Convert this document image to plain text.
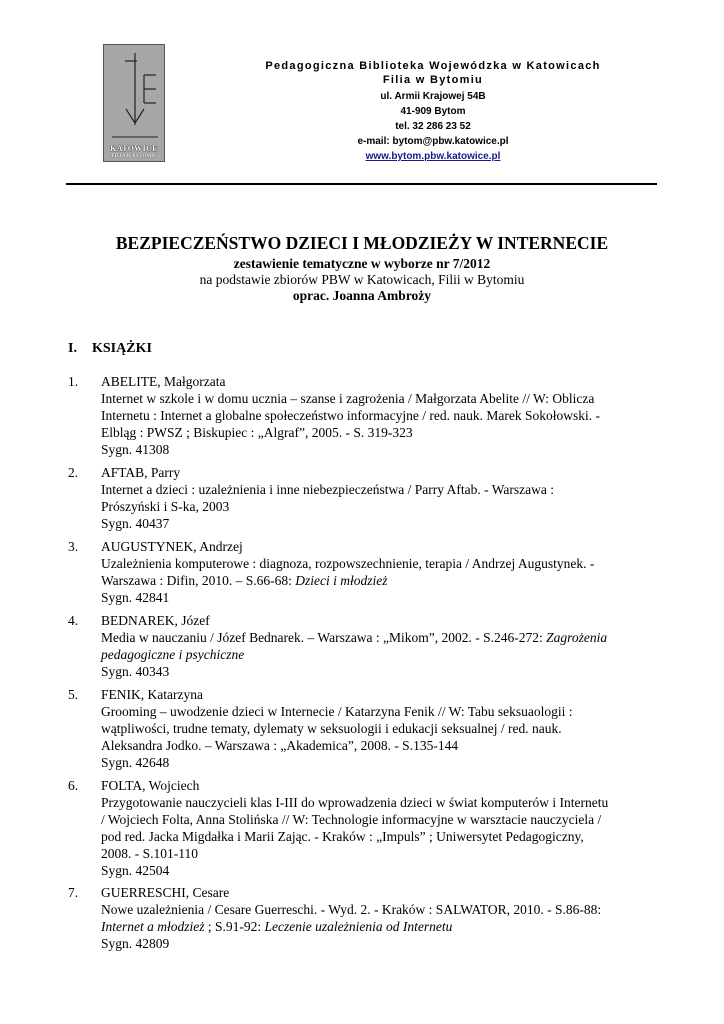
KATOWICE
FILIA W BYTOMIU
Pedagogiczna Biblioteka Wojewódzka w Katowicach
Filia w Bytomiu
ul. Armii Krajowej 54B
41-909 Bytom
tel. 32 286 23 52
e-mail: bytom@pbw.katowice.pl
www.bytom.pbw.katowice.pl
BEZPIECZEŃSTWO DZIECI I MŁODZIEŻY W INTERNECIE
zestawienie tematyczne w wyborze nr 7/2012
na podstawie zbiorów PBW w Katowicach, Filii w Bytomiu
oprac. Joanna Ambroży
I. KSIĄŻKI
1. ABELITE, Małgorzata
Internet w szkole i w domu ucznia – szanse i zagrożenia / Małgorzata Abelite // W: Oblicza
Internetu : Internet a globalne społeczeństwo informacyjne / red. nauk. Marek Sokołowski. -
Elbląg : PWSZ ; Biskupiec : „Algraf”, 2005. - S. 319-323
Sygn. 41308
2. AFTAB, Parry
Internet a dzieci : uzależnienia i inne niebezpieczeństwa / Parry Aftab. - Warszawa :
Prószyński i S-ka, 2003
Sygn. 40437
3. AUGUSTYNEK, Andrzej
Uzależnienia komputerowe : diagnoza, rozpowszechnienie, terapia / Andrzej Augustynek. -
Warszawa : Difin, 2010. – S.66-68: Dzieci i młodzież
Sygn. 42841
4. BEDNAREK, Józef
Media w nauczaniu / Józef Bednarek. – Warszawa : „Mikom”, 2002. - S.246-272: Zagrożenia
pedagogiczne i psychiczne
Sygn. 40343
5. FENIK, Katarzyna
Grooming – uwodzenie dzieci w Internecie / Katarzyna Fenik // W: Tabu seksuaologii :
wątpliwości, trudne tematy, dylematy w seksuologii i edukacji seksualnej / red. nauk.
Aleksandra Jodko. – Warszawa : „Akademica”, 2008. - S.135-144
Sygn. 42648
6. FOLTA, Wojciech
Przygotowanie nauczycieli klas I-III do wprowadzenia dzieci w świat komputerów i Internetu
/ Wojciech Folta, Anna Stolińska // W: Technologie informacyjne w warsztacie nauczyciela /
pod red. Jacka Migdałka i Marii Zając. - Kraków : „Impuls” ; Uniwersytet Pedagogiczny,
2008. - S.101-110
Sygn. 42504
7. GUERRESCHI, Cesare
Nowe uzależnienia / Cesare Guerreschi. - Wyd. 2. - Kraków : SALWATOR, 2010. - S.86-88:
Internet a młodzież ; S.91-92: Leczenie uzależnienia od Internetu
Sygn. 42809
